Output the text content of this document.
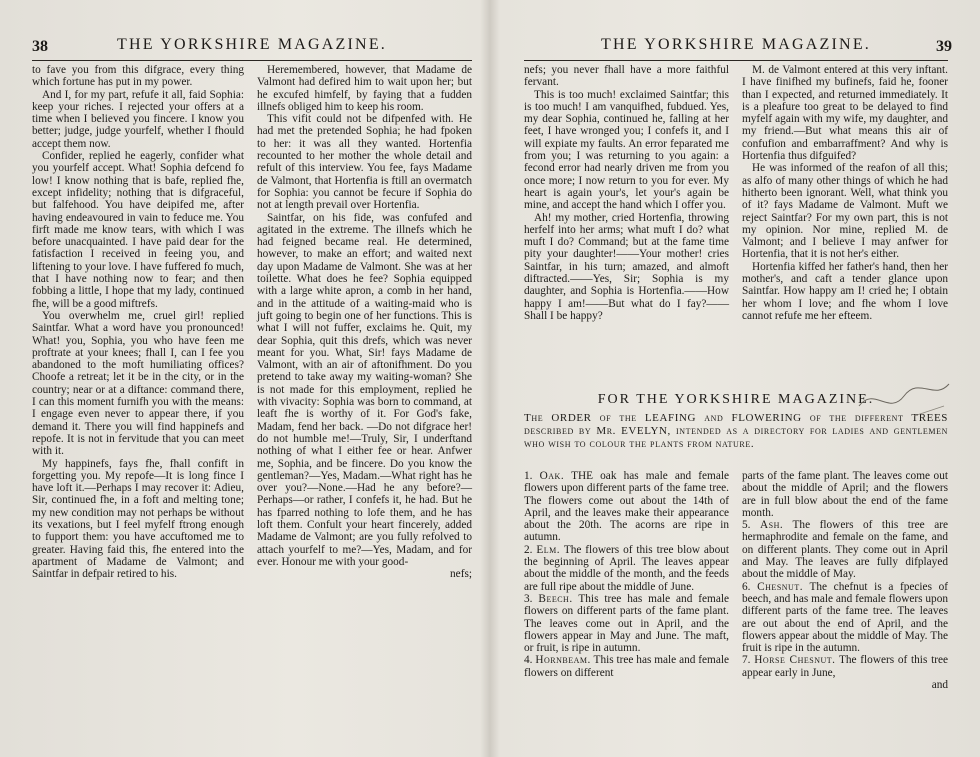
38	THE YORKSHIRE MAGAZINE.

to fave you from this difgrace, every thing which fortune has put in my power.

And I, for my part, refufe it all, faid Sophia: keep your riches. I rejected your offers at a time when I believed you fincere. I know you better; judge, judge yourfelf, whether I fhould accept them now.

Confider, replied he eagerly, confider what you yourfelf accept. What! Sophia defcend fo low! I know nothing that is bafe, replied fhe, except infidelity; nothing that is difgraceful, but falfehood. You have deipifed me, after having endeavoured in vain to feduce me. You firft made me know tears, with which I was before unacquainted. I have paid dear for the fatisfaction I received in feeing you, and liftening to your love. I have fuffered fo much, that I have nothing now to fear; and then fobbing a little, I hope that my lady, continued fhe, will be a good miftrefs.

You overwhelm me, cruel girl! replied Saintfar. What a word have you pronounced! What! you, Sophia, you who have feen me proftrate at your knees; fhall I, can I fee you abandoned to the moft humiliating offices? Choofe a retreat; let it be in the city, or in the country; near or at a diftance: command there, I can this moment furnifh you with the means: I engage even never to appear there, if you demand it. There you will find happinefs and repofe. It is not in fervitude that you can meet with it.

My happinefs, fays fhe, fhall confift in forgetting you. My repofe—It is long fince I have loft it.—Perhaps I may recover it: Adieu, Sir, continued fhe, in a foft and melting tone; my new condition may not perhaps be without its vexations, but I feel myfelf ftrong enough to fupport them: you have accuftomed me to greater. Having faid this, fhe entered into the apartment of Madame de Valmont; and Saintfar in defpair retired to his.

Heremembered, however, that Madame de Valmont had defired him to wait upon her; but he excufed himfelf, by faying that a fudden illnefs obliged him to keep his room.

This vifit could not be difpenfed with. He had met the pretended Sophia; he had fpoken to her: it was all they wanted. Hortenfia recounted to her mother the whole detail and refult of this interview. You fee, fays Madame de Valmont, that Hortenfia is ftill an overmatch for Sophia: you cannot be fecure if Sophia do not at length prevail over Hortenfia.

Saintfar, on his fide, was confufed and agitated in the extreme. The illnefs which he had feigned became real. He determined, however, to make an effort; and waited next day upon Madame de Valmont. She was at her toilette. What does he fee? Sophia equipped with a large white apron, a comb in her hand, and in the attitude of a waiting-maid who is juft going to begin one of her functions. This is what I will not fuffer, exclaims he. Quit, my dear Sophia, quit this drefs, which was never meant for you. What, Sir! fays Madame de Valmont, with an air of aftonifhment. Do you pretend to take away my waiting-woman? She is not made for this employment, replied he with vivacity: Sophia was born to command, at leaft fhe is worthy of it. For God's fake, Madam, fend her back. —Do not difgrace her! do not humble me!—Truly, Sir, I underftand nothing of what I either fee or hear. Anfwer me, Sophia, and be fincere. Do you know the gentleman?—Yes, Madam.—What right has he over you?—None.—Had he any before?—Perhaps—or rather, I confefs it, he had. But he has fparred nothing to lofe them, and he has loft them. Confult your heart fincerely, added Madame de Valmont; are you fully refolved to attach yourfelf to me?—Yes, Madam, and for ever. Honour me with your good-

nefs;

THE YORKSHIRE MAGAZINE.	39

nefs; you never fhall have a more faithful fervant.

This is too much! exclaimed Saintfar; this is too much! I am vanquifhed, fubdued. Yes, my dear Sophia, continued he, falling at her feet, I have wronged you; I confefs it, and I will expiate my faults. An error feparated me from you; I was returning to you again: a fecond error had nearly driven me from you once more; I now return to you for ever. My heart is again your's, let your's again be mine, and accept the hand which I offer you.

Ah! my mother, cried Hortenfia, throwing herfelf into her arms; what muft I do? what muft I do? Command; but at the fame time pity your daughter!——Your mother! cries Saintfar, in his turn; amazed, and almoft diftracted.——Yes, Sir; Sophia is my daughter, and Sophia is Hortenfia.——How happy I am!——But what do I fay?——Shall I be happy?

M. de Valmont entered at this very inftant. I have finifhed my bufinefs, faid he, fooner than I expected, and returned immediately. It is a pleafure too great to be delayed to find myfelf again with my wife, my daughter, and my friend.—But what means this air of confufion and embarraffment? And why is Hortenfia thus difguifed?

He was informed of the reafon of all this; as alfo of many other things of which he had hitherto been ignorant. Well, what think you of it? fays Madame de Valmont. Muft we reject Saintfar? For my own part, this is not my opinion. Nor mine, replied M. de Valmont; and I believe I may anfwer for Hortenfia, that it is not her's either.

Hortenfia kiffed her father's hand, then her mother's, and caft a tender glance upon Saintfar. How happy am I! cried he; I obtain her whom I love; and fhe whom I love cannot refufe me her efteem.

FOR THE YORKSHIRE MAGAZINE.
The ORDER of the LEAFING and FLOWERING of the different TREES described by Mr. EVELYN, intended as a directory for ladies and gentlemen who wish to colour the plants from nature.

1. Oak. THE oak has male and female flowers upon different parts of the fame tree. The flowers come out about the 14th of April, and the leaves make their appearance about the 20th. The acorns are ripe in autumn.

2. Elm. The flowers of this tree blow about the beginning of April. The leaves appear about the middle of the month, and the feeds are full ripe about the middle of June.

3. Beech. This tree has male and female flowers on different parts of the fame plant. The leaves come out in April, and the flowers appear in May and June. The maft, or fruit, is ripe in autumn.

4. Hornbeam. This tree has male and female flowers on different

parts of the fame plant. The leaves come out about the middle of April; and the flowers are in full blow about the end of the fame month.

5. Ash. The flowers of this tree are hermaphrodite and female on the fame, and on different plants. They come out in April and May. The leaves are fully difplayed about the middle of May.

6. Chesnut. The chefnut is a fpecies of beech, and has male and female flowers upon different parts of the fame tree. The leaves are out about the end of April, and the flowers appear about the middle of May. The fruit is ripe in the autumn.

7. Horse Chesnut. The flowers of this tree appear early in June,

and
